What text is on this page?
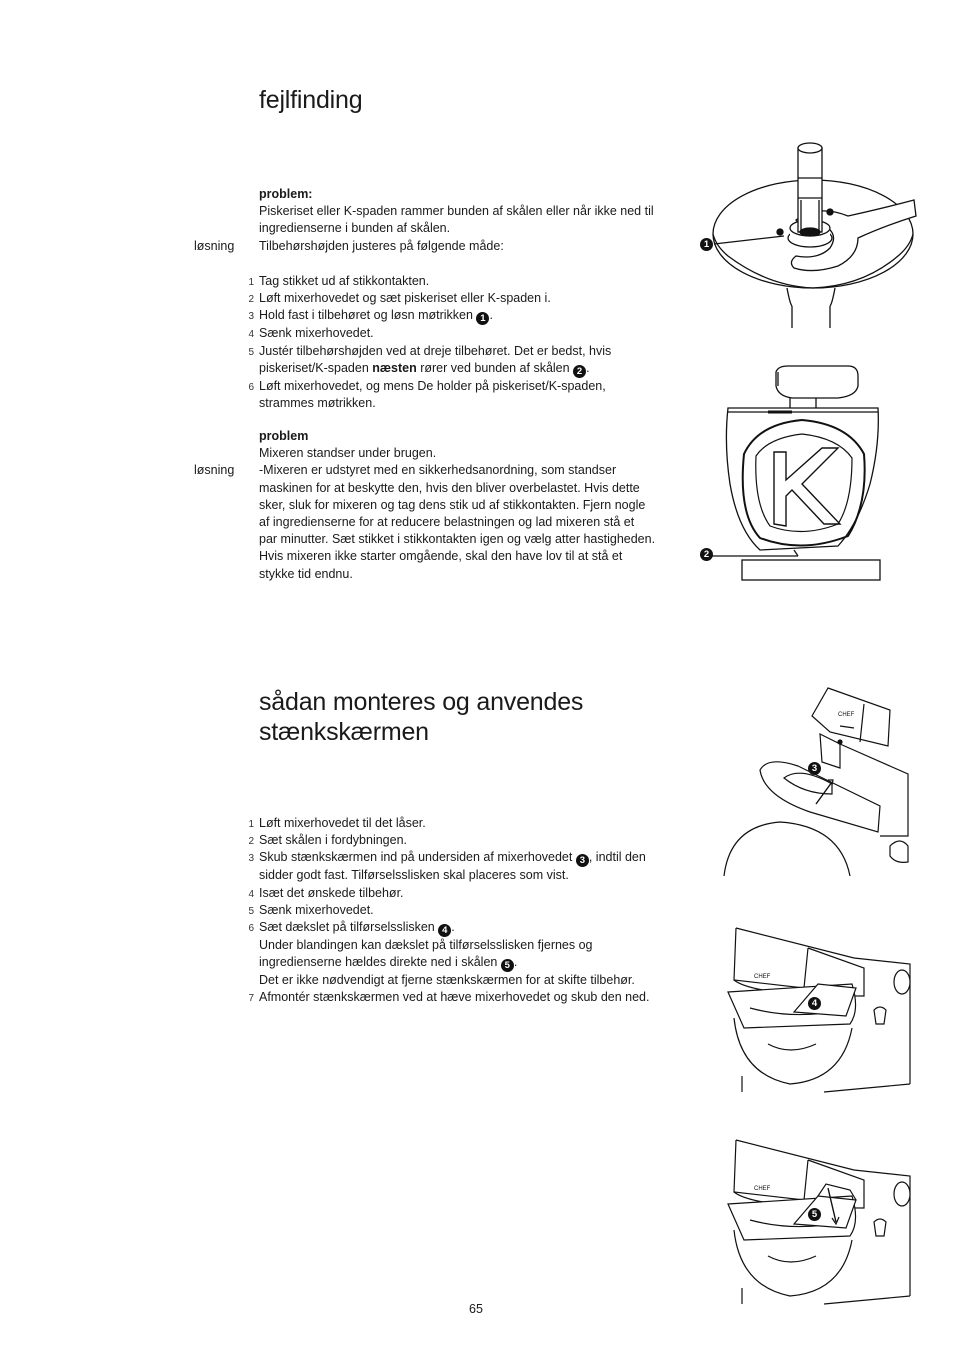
fejlfinding
problem:
Piskeriset eller K-spaden rammer bunden af skålen eller når ikke ned til
ingredienserne i bunden af skålen.
Tilbehørshøjden justeres på følgende måde:
løsning
1 Tag stikket ud af stikkontakten.
2 Løft mixerhovedet og sæt piskeriset eller K-spaden i.
3 Hold fast i tilbehøret og løsn møtrikken 1 .
4 Sænk mixerhovedet.
5 Justér tilbehørshøjden ved at dreje tilbehøret. Det er bedst, hvis
piskeriset/K-spaden næsten rører ved bunden af skålen 2 .
6 Løft mixerhovedet, og mens De holder på piskeriset/K-spaden,
strammes møtrikken.
problem
Mixeren standser under brugen.
-Mixeren er udstyret med en sikkerhedsanordning, som standser
maskinen for at beskytte den, hvis den bliver overbelastet. Hvis dette
sker, sluk for mixeren og tag dens stik ud af stikkontakten. Fjern nogle
af ingredienserne for at reducere belastningen og lad mixeren stå et
par minutter. Sæt stikket i stikkontakten igen og vælg atter hastigheden.
Hvis mixeren ikke starter omgående, skal den have lov til at stå et
stykke tid endnu.
løsning
sådan monteres og anvendes
stænkskærmen
1 Løft mixerhovedet til det låser.
2 Sæt skålen i fordybningen.
3 Skub stænkskærmen ind på undersiden af mixerhovedet 3 , indtil den
sidder godt fast. Tilførselsslisken skal placeres som vist.
4 Isæt det ønskede tilbehør.
5 Sænk mixerhovedet.
6 Sæt dækslet på tilførselsslisken 4 .
Under blandingen kan dækslet på tilførselsslisken fjernes og
ingredienserne hældes direkte ned i skålen 5 .
Det er ikke nødvendigt at fjerne stænkskærmen for at skifte tilbehør.
7 Afmontér stænkskærmen ved at hæve mixerhovedet og skub den ned.
65
1
2
CHEF
3
CHEF
4
CHEF
5
